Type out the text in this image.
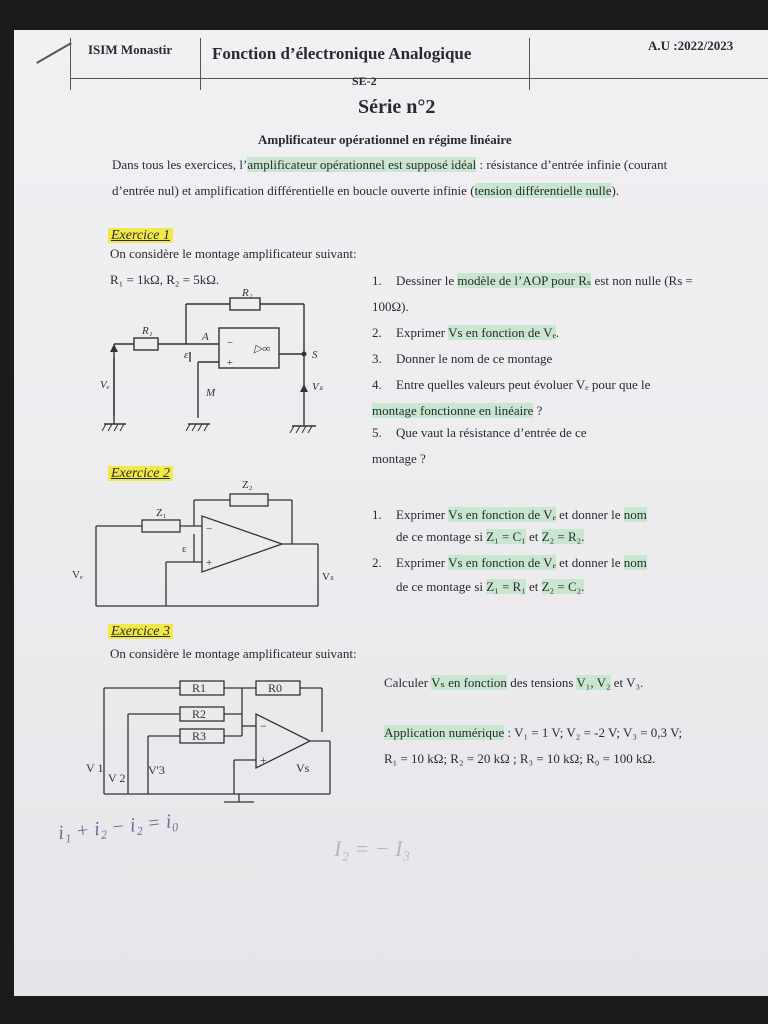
ISIM Monastir Fonction d’électronique Analogique	A.U :2022/2023
SE-2
Série n°2
Amplificateur opérationnel en régime linéaire
Dans tous les exercices, l’amplificateur opérationnel est supposé idéal : résistance d’entrée infinie (courant d’entrée nul) et amplification différentielle en boucle ouverte infinie (tension différentielle nulle).
Exercice 1
On considère le montage amplificateur suivant:
R₁ = 1kΩ, R₂ = 5kΩ.
R₁
R₂
A
ε
−
+
▷∞	S
M
Vₑ	Vₛ
1. Dessiner le modèle de l’AOP pour Rₛ est non nulle (Rs = 100Ω).
2. Exprimer Vs en fonction de Vₑ.
3. Donner le nom de ce montage
4. Entre quelles valeurs peut évoluer Vₑ pour que le montage fonctionne en linéaire ?
5. Que vaut la résistance d’entrée de ce montage ?
Exercice 2
Z₁
Z₂
ε
−
+
Vₑ	Vₛ
1. Exprimer Vs en fonction de Vₑ et donner le nom
de ce montage si Z₁ = C₁ et Z₂ = R₂.
2. Exprimer Vs en fonction de Vₑ et donner le nom
de ce montage si Z₁ = R₁ et Z₂ = C₂.
Exercice 3
On considère le montage amplificateur suivant:
R1	R0
R2
R3
−
+
V 1
V 2
V'3	Vs
Calculer Vₛ en fonction des tensions V₁, V₂ et V₃.
Application numérique : V₁ = 1 V; V₂ = -2 V; V₃ = 0,3 V; R₁ = 10 kΩ; R₂ = 20 kΩ ; R₃ = 10 kΩ; R₀ = 100 kΩ.
i₁ + i₂ − i₂ = i₀
I₂ = − I₃
